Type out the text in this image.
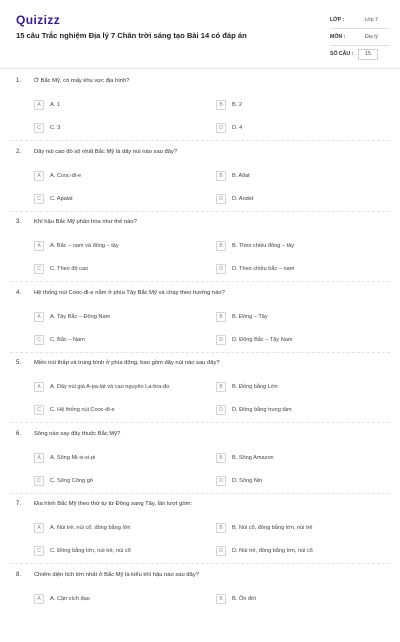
Quizizz
15 câu Trắc nghiệm Địa lý 7 Chân trời sáng tạo Bài 14 có đáp án
LỚP :	Lớp 7
MÔN :	Địa lý
SỐ CÂU :	15
1. Ở Bắc Mỹ, có mấy khu vực địa hình?
A	A. 1	B	B. 2
C	C. 3	D	D. 4
2. Dãy núi cao đồ sộ nhất Bắc Mỹ là dãy núi nào sau đây?
A	A. Cooc-đi-e	B	B. Atlat
C	C. Apalat	D	D. Andet
3. Khí hậu Bắc Mỹ phân hóa như thế nào?
A	A. Bắc – nam và đông – tây	B	B. Theo chiều đông – tây
C	C. Theo độ cao	D	D. Theo chiều bắc – nam
4. Hệ thống núi Cooc-đi-e nằm ở phía Tây Bắc Mỹ và chạy theo hướng nào?
A	A. Tây Bắc – Đông Nam	B	B. Đông – Tây
C	C. Bắc – Nam	D	D. Đông Bắc – Tây Nam
5. Miền núi thấp và trung bình ở phía đông, bao gồm dãy núi nào sau đây?
A	A. Dãy núi già A-pa-lát và cao nguyên La-bra-đo	B	B. Đồng bằng Lớn
C	C. Hệ thống núi Cooc-đi-e	D	D. Đồng bằng trung tâm
6. Sông nào say đây thuộc Bắc Mỹ?
A	A. Sông Mi-xi-xi-pi	B	B. Sông Amazon
C	C. Sông Công gô	D	D. Sông Nin
7. Địa hình Bắc Mỹ theo thứ tự từ Đông sang Tây, lần lượt gồm:
A	A. Núi trẻ, núi cổ, đồng bằng lớn	B	B. Núi cổ, đồng bằng lớn, núi trẻ
C	C. Đồng bằng lớn, núi trẻ, núi cổ	D	D. Núi trẻ, đồng bằng lớn, núi cổ
8. Chiếm diện tích lớn nhất ở Bắc Mỹ là kiểu khí hậu nào sau đây?
A	A. Cận xích đạo	B	B. Ôn đới
